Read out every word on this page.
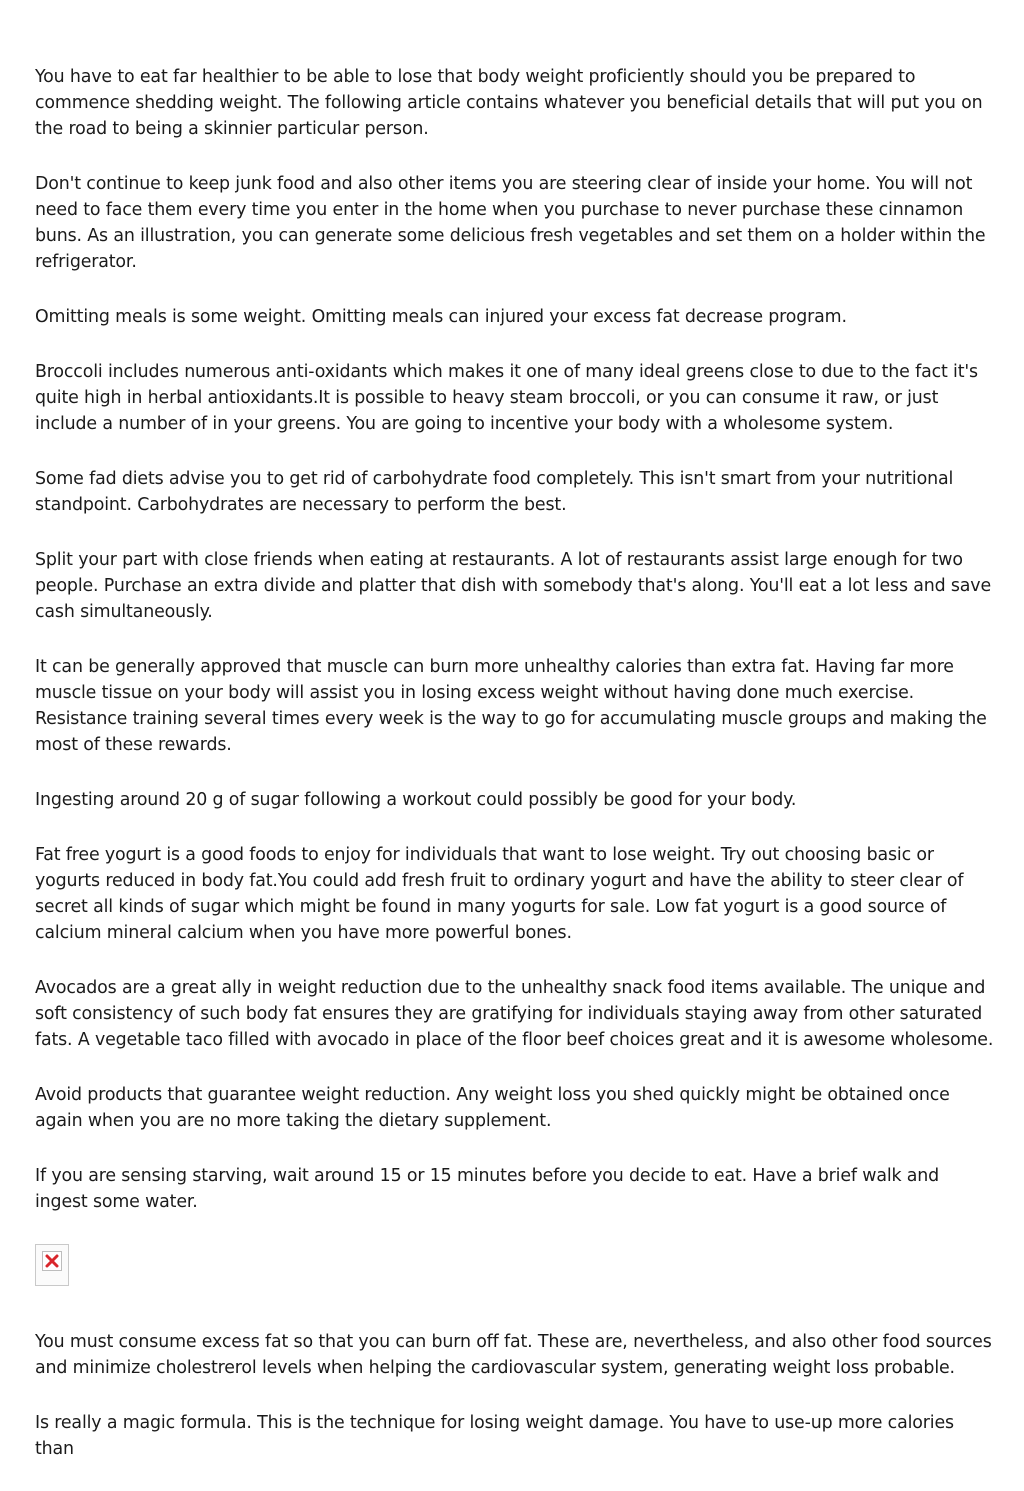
You have to eat far healthier to be able to lose that body weight proficiently should you be prepared to commence shedding weight. The following article contains whatever you beneficial details that will put you on the road to being a skinnier particular person.

Don't continue to keep junk food and also other items you are steering clear of inside your home. You will not need to face them every time you enter in the home when you purchase to never purchase these cinnamon buns. As an illustration, you can generate some delicious fresh vegetables and set them on a holder within the refrigerator.

Omitting meals is some weight. Omitting meals can injured your excess fat decrease program.

Broccoli includes numerous anti-oxidants which makes it one of many ideal greens close to due to the fact it's quite high in herbal antioxidants.It is possible to heavy steam broccoli, or you can consume it raw, or just include a number of in your greens. You are going to incentive your body with a wholesome system.

Some fad diets advise you to get rid of carbohydrate food completely. This isn't smart from your nutritional standpoint. Carbohydrates are necessary to perform the best.

Split your part with close friends when eating at restaurants. A lot of restaurants assist large enough for two people. Purchase an extra divide and platter that dish with somebody that's along. You'll eat a lot less and save cash simultaneously.

It can be generally approved that muscle can burn more unhealthy calories than extra fat. Having far more muscle tissue on your body will assist you in losing excess weight without having done much exercise. Resistance training several times every week is the way to go for accumulating muscle groups and making the most of these rewards.

Ingesting around 20 g of sugar following a workout could possibly be good for your body.

Fat free yogurt is a good foods to enjoy for individuals that want to lose weight. Try out choosing basic or yogurts reduced in body fat.You could add fresh fruit to ordinary yogurt and have the ability to steer clear of secret all kinds of sugar which might be found in many yogurts for sale. Low fat yogurt is a good source of calcium mineral calcium when you have more powerful bones.

Avocados are a great ally in weight reduction due to the unhealthy snack food items available. The unique and soft consistency of such body fat ensures they are gratifying for individuals staying away from other saturated fats. A vegetable taco filled with avocado in place of the floor beef choices great and it is awesome wholesome.

Avoid products that guarantee weight reduction. Any weight loss you shed quickly might be obtained once again when you are no more taking the dietary supplement.

If you are sensing starving, wait around 15 or 15 minutes before you decide to eat. Have a brief walk and ingest some water.

You must consume excess fat so that you can burn off fat. These are, nevertheless, and also other food sources and minimize cholestrerol levels when helping the cardiovascular system, generating weight loss probable.

Is really a magic formula. This is the technique for losing weight damage. You have to use-up more calories than
